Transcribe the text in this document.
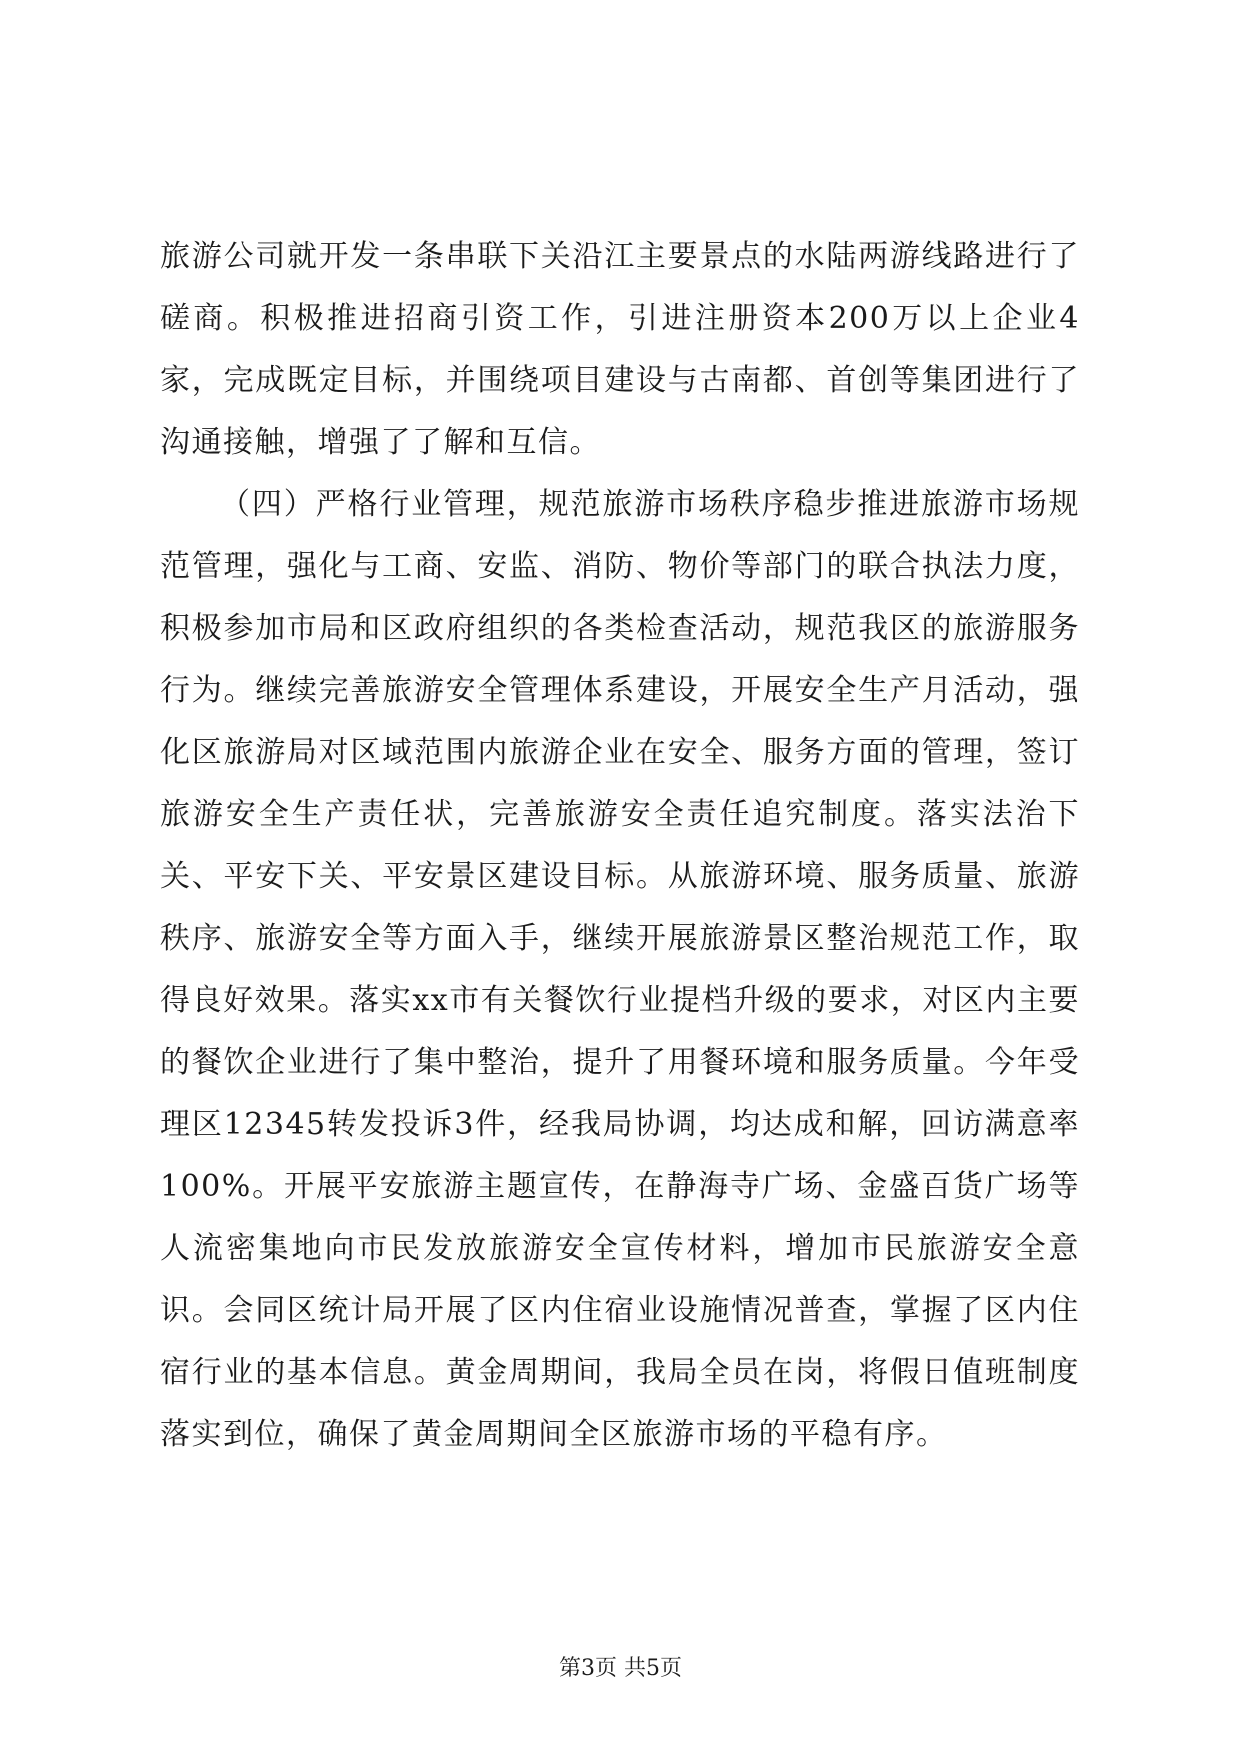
旅游公司就开发一条串联下关沿江主要景点的水陆两游线路进行了磋商。积极推进招商引资工作，引进注册资本200万以上企业4家，完成既定目标，并围绕项目建设与古南都、首创等集团进行了沟通接触，增强了了解和互信。

（四）严格行业管理，规范旅游市场秩序稳步推进旅游市场规范管理，强化与工商、安监、消防、物价等部门的联合执法力度，积极参加市局和区政府组织的各类检查活动，规范我区的旅游服务行为。继续完善旅游安全管理体系建设，开展安全生产月活动，强化区旅游局对区域范围内旅游企业在安全、服务方面的管理，签订旅游安全生产责任状，完善旅游安全责任追究制度。落实法治下关、平安下关、平安景区建设目标。从旅游环境、服务质量、旅游秩序、旅游安全等方面入手，继续开展旅游景区整治规范工作，取得良好效果。落实xx市有关餐饮行业提档升级的要求，对区内主要的餐饮企业进行了集中整治，提升了用餐环境和服务质量。今年受理区12345转发投诉3件，经我局协调，均达成和解，回访满意率100%。开展平安旅游主题宣传，在静海寺广场、金盛百货广场等人流密集地向市民发放旅游安全宣传材料，增加市民旅游安全意识。会同区统计局开展了区内住宿业设施情况普查，掌握了区内住宿行业的基本信息。黄金周期间，我局全员在岗，将假日值班制度落实到位，确保了黄金周期间全区旅游市场的平稳有序。

第3页 共5页
